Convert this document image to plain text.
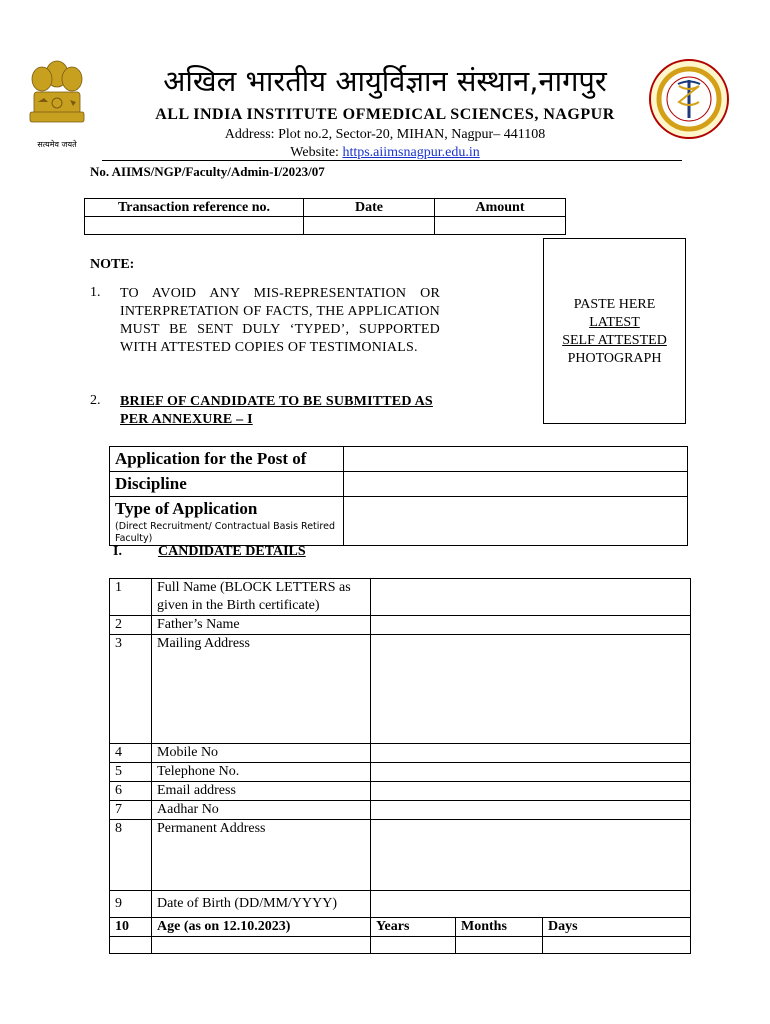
सत्यमेव जयते
अखिल भारतीय आयुर्विज्ञान संस्थान,नागपुर
ALL INDIA INSTITUTE OFMEDICAL SCIENCES, NAGPUR
Address: Plot no.2, Sector-20, MIHAN, Nagpur– 441108
Website: https.aiimsnagpur.edu.in
No. AIIMS/NGP/Faculty/Admin-I/2023/07
Transaction reference no.	Date	Amount

PASTE HERE
LATEST
SELF ATTESTED
PHOTOGRAPH
NOTE:
1. TO AVOID ANY MIS-REPRESENTATION OR INTERPRETATION OF FACTS, THE APPLICATION MUST BE SENT DULY ‘TYPED’, SUPPORTED WITH ATTESTED COPIES OF TESTIMONIALS.
2. BRIEF OF CANDIDATE TO BE SUBMITTED AS PER ANNEXURE – I
Application for the Post of	
Discipline	
Type of Application
(Direct Recruitment/ Contractual Basis Retired Faculty)	

I.	CANDIDATE DETAILS
1	Full Name (BLOCK LETTERS as given in the Birth certificate)			
2	Father’s Name			
3	Mailing Address			
4	Mobile No			
5	Telephone No.			
6	Email address			
7	Aadhar No			
8	Permanent Address			
9	Date of Birth (DD/MM/YYYY)			
10	Age (as on 12.10.2023)	Years	Months	Days
